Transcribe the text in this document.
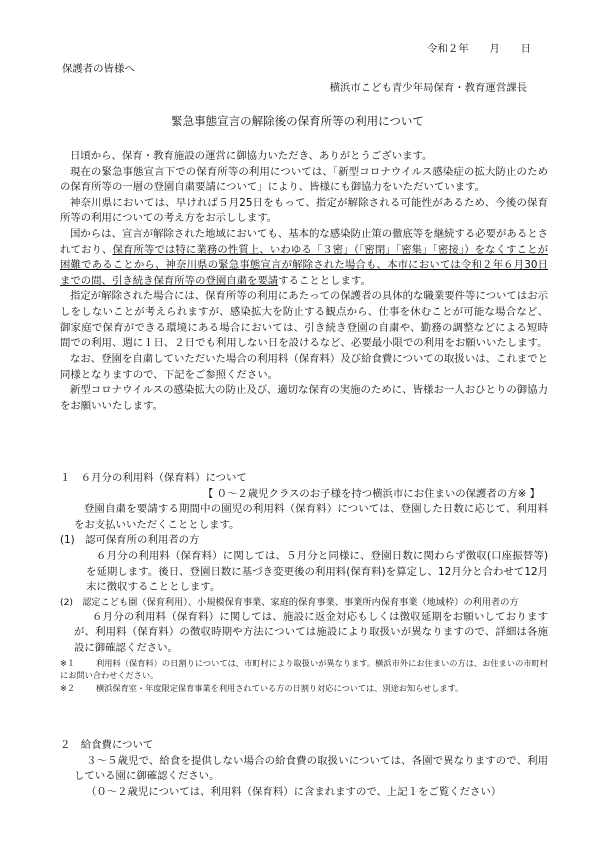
令和２年　　月　　日
保護者の皆様へ
横浜市こども青少年局保育・教育運営課長
緊急事態宣言の解除後の保育所等の利用について

日頃から、保育・教育施設の運営に御協力いただき、ありがとうございます。

現在の緊急事態宣言下での保育所等の利用については、「新型コロナウイルス感染症の拡大防止のための保育所等の一層の登園自粛要請について」により、皆様にも御協力をいただいています。

神奈川県においては、早ければ５月25日をもって、指定が解除される可能性があるため、今後の保育所等の利用についての考え方をお示しします。

国からは、宣言が解除された地域においても、基本的な感染防止策の徹底等を継続する必要があるとされており、保育所等では特に業務の性質上、いわゆる「３密」（「密閉」「密集」「密接」）をなくすことが困難であることから、神奈川県の緊急事態宣言が解除された場合も、本市においては令和２年６月30日までの間、引き続き保育所等の登園自粛を要請することとします。

指定が解除された場合には、保育所等の利用にあたっての保護者の具体的な職業要件等についてはお示しをしないことが考えられますが、感染拡大を防止する観点から、仕事を休むことが可能な場合など、御家庭で保育ができる環境にある場合においては、引き続き登園の自粛や、勤務の調整などによる短時間での利用、週に１日、２日でも利用しない日を設けるなど、必要最小限での利用をお願いいたします。

なお、登園を自粛していただいた場合の利用料（保育料）及び給食費についての取扱いは、これまでと同様となりますので、下記をご参照ください。

新型コロナウイルスの感染拡大の防止及び、適切な保育の実施のために、皆様お一人おひとりの御協力をお願いいたします。

１　６月分の利用料（保育料）について

【 ０～２歳児クラスのお子様を持つ横浜市にお住まいの保護者の方※ 】

登園自粛を要請する期間中の園児の利用料（保育料）については、登園した日数に応じて、利用料をお支払いいただくこととします。

(1)　認可保育所の利用者の方

６月分の利用料（保育料）に関しては、５月分と同様に、登園日数に関わらず徴収(口座振替等)を延期します。後日、登園日数に基づき変更後の利用料(保育料)を算定し、12月分と合わせて12月末に徴収することとします。

(2)　認定こども園（保育利用）、小規模保育事業、家庭的保育事業、事業所内保育事業（地域枠）の利用者の方

６月分の利用料（保育料）に関しては、施設に返金対応もしくは徴収延期をお願いしておりますが、利用料（保育料）の徴収時期や方法については施設により取扱いが異なりますので、詳細は各施設に御確認ください。

※１	利用料（保育料）の日割りについては、市町村により取扱いが異なります。横浜市外にお住まいの方は、お住まいの市町村にお問い合わせください。

※２	横浜保育室・年度限定保育事業を利用されている方の日割り対応については、別途お知らせします。

２　給食費について

３～５歳児で、給食を提供しない場合の給食費の取扱いについては、各園で異なりますので、利用している園に御確認ください。

（０～２歳児については、利用料（保育料）に含まれますので、上記１をご覧ください）
